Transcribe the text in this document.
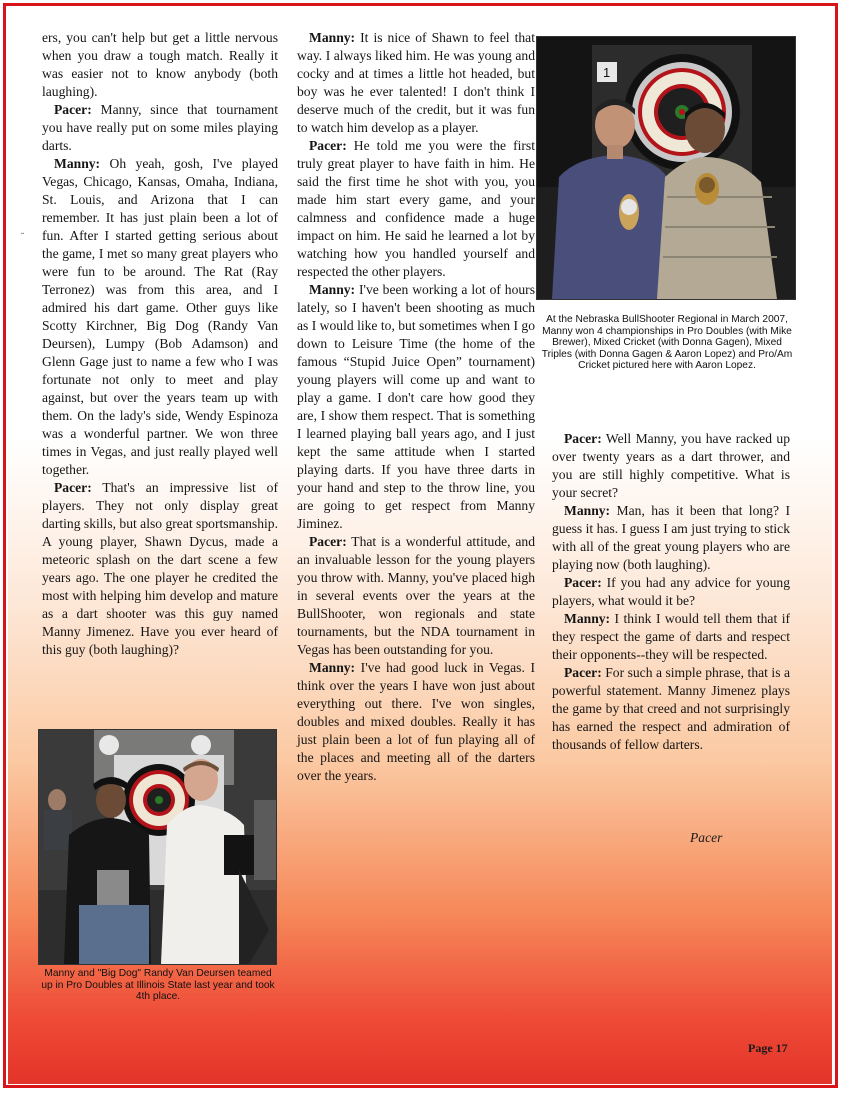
˘

ers, you can't help but get a little nervous when you draw a tough match. Really it was easier not to know anybody (both laughing).

Pacer: Manny, since that tournament you have really put on some miles playing darts.

Manny: Oh yeah, gosh, I've played Vegas, Chicago, Kansas, Omaha, Indiana, St. Louis, and Arizona that I can remember. It has just plain been a lot of fun. After I started getting serious about the game, I met so many great players who were fun to be around. The Rat (Ray Terronez) was from this area, and I admired his dart game. Other guys like Scotty Kirchner, Big Dog (Randy Van Deursen), Lumpy (Bob Adamson) and Glenn Gage just to name a few who I was fortunate not only to meet and play against, but over the years team up with them. On the lady's side, Wendy Espinoza was a wonderful partner. We won three times in Vegas, and just really played well together.

Pacer: That's an impressive list of players. They not only display great darting skills, but also great sportsmanship. A young player, Shawn Dycus, made a meteoric splash on the dart scene a few years ago. The one player he credited the most with helping him develop and mature as a dart shooter was this guy named Manny Jimenez. Have you ever heard of this guy (both laughing)?

Manny: It is nice of Shawn to feel that way. I always liked him. He was young and cocky and at times a little hot headed, but boy was he ever talented! I don't think I deserve much of the credit, but it was fun to watch him develop as a player.

Pacer: He told me you were the first truly great player to have faith in him. He said the first time he shot with you, you made him start every game, and your calmness and confidence made a huge impact on him. He said he learned a lot by watching how you handled yourself and respected the other players.

Manny: I've been working a lot of hours lately, so I haven't been shooting as much as I would like to, but sometimes when I go down to Leisure Time (the home of the famous “Stupid Juice Open” tournament) young players will come up and want to play a game. I don't care how good they are, I show them respect. That is something I learned playing ball years ago, and I just kept the same attitude when I started playing darts. If you have three darts in your hand and step to the throw line, you are going to get respect from Manny Jiminez.

Pacer: That is a wonderful attitude, and an invaluable lesson for the young players you throw with. Manny, you've placed high in several events over the years at the BullShooter, won regionals and state tournaments, but the NDA tournament in Vegas has been outstanding for you.

Manny: I've had good luck in Vegas. I think over the years I have won just about everything out there. I've won singles, doubles and mixed doubles. Really it has just plain been a lot of fun playing all of the places and meeting all of the darters over the years.

Pacer: Well Manny, you have racked up over twenty years as a dart thrower, and you are still highly competitive. What is your secret?

Manny: Man, has it been that long? I guess it has. I guess I am just trying to stick with all of the great young players who are playing now (both laughing).

Pacer: If you had any advice for young players, what would it be?

Manny: I think I would tell them that if they respect the game of darts and respect their opponents--they will be respected.

Pacer: For such a simple phrase, that is a powerful statement. Manny Jimenez plays the game by that creed and not surprisingly has earned the respect and admiration of thousands of fellow darters.

1
At the Nebraska BullShooter Regional in March 2007, Manny won 4 championships in Pro Doubles (with Mike Brewer), Mixed Cricket (with Donna Gagen), Mixed Triples (with Donna Gagen & Aaron Lopez) and Pro/Am Cricket pictured here with Aaron Lopez.
Manny and "Big Dog" Randy Van Deursen teamed up in Pro Doubles at Illinois State last year and took 4th place.
Pacer
Page 17
